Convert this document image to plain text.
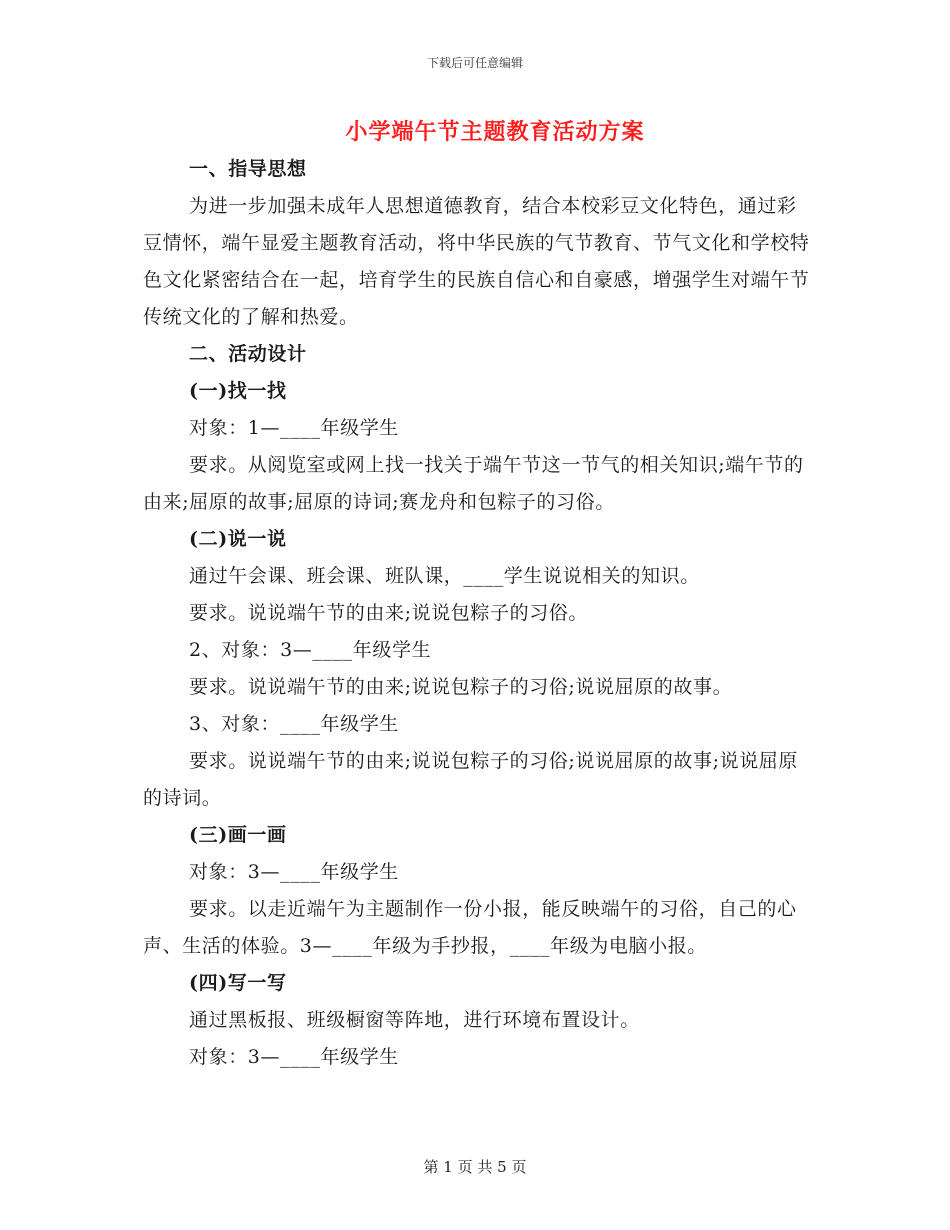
下载后可任意编辑
小学端午节主题教育活动方案
一、指导思想
为进一步加强未成年人思想道德教育，结合本校彩豆文化特色，通过彩豆情怀，端午显爱主题教育活动，将中华民族的气节教育、节气文化和学校特色文化紧密结合在一起，培育学生的民族自信心和自豪感，增强学生对端午节传统文化的了解和热爱。
二、活动设计
(一)找一找
对象：1—____年级学生
要求。从阅览室或网上找一找关于端午节这一节气的相关知识;端午节的由来;屈原的故事;屈原的诗词;赛龙舟和包粽子的习俗。
(二)说一说
通过午会课、班会课、班队课，____学生说说相关的知识。
要求。说说端午节的由来;说说包粽子的习俗。
2、对象：3—____年级学生
要求。说说端午节的由来;说说包粽子的习俗;说说屈原的故事。
3、对象：____年级学生
要求。说说端午节的由来;说说包粽子的习俗;说说屈原的故事;说说屈原的诗词。
(三)画一画
对象：3—____年级学生
要求。以走近端午为主题制作一份小报，能反映端午的习俗，自己的心声、生活的体验。3—____年级为手抄报，____年级为电脑小报。
(四)写一写
通过黑板报、班级橱窗等阵地，进行环境布置设计。
对象：3—____年级学生
第 1 页 共 5 页
